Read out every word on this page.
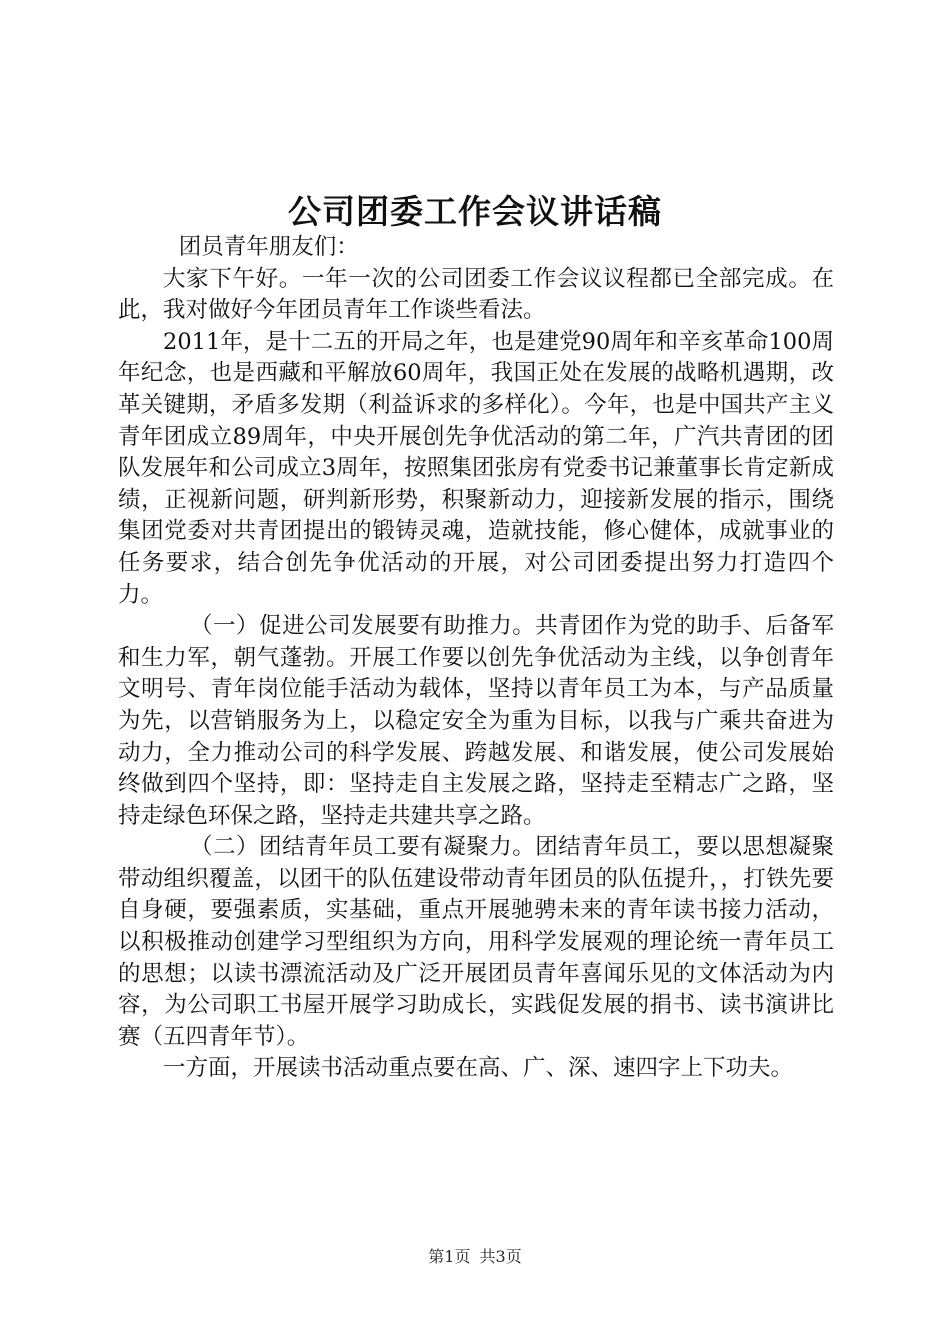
公司团委工作会议讲话稿

团员青年朋友们：

大家下午好。一年一次的公司团委工作会议议程都已全部完成。在此，我对做好今年团员青年工作谈些看法。

2011年，是十二五的开局之年，也是建党90周年和辛亥革命100周年纪念，也是西藏和平解放60周年，我国正处在发展的战略机遇期，改革关键期，矛盾多发期（利益诉求的多样化）。今年，也是中国共产主义青年团成立89周年，中央开展创先争优活动的第二年，广汽共青团的团队发展年和公司成立3周年，按照集团张房有党委书记兼董事长肯定新成绩，正视新问题，研判新形势，积聚新动力，迎接新发展的指示，围绕集团党委对共青团提出的锻铸灵魂，造就技能，修心健体，成就事业的任务要求，结合创先争优活动的开展，对公司团委提出努力打造四个力。

（一）促进公司发展要有助推力。共青团作为党的助手、后备军和生力军，朝气蓬勃。开展工作要以创先争优活动为主线，以争创青年文明号、青年岗位能手活动为载体，坚持以青年员工为本，与产品质量为先，以营销服务为上，以稳定安全为重为目标，以我与广乘共奋进为动力，全力推动公司的科学发展、跨越发展、和谐发展，使公司发展始终做到四个坚持，即：坚持走自主发展之路，坚持走至精志广之路，坚持走绿色环保之路，坚持走共建共享之路。

（二）团结青年员工要有凝聚力。团结青年员工，要以思想凝聚带动组织覆盖，以团干的队伍建设带动青年团员的队伍提升，，打铁先要自身硬，要强素质，实基础，重点开展驰骋未来的青年读书接力活动，以积极推动创建学习型组织为方向，用科学发展观的理论统一青年员工的思想；以读书漂流活动及广泛开展团员青年喜闻乐见的文体活动为内容，为公司职工书屋开展学习助成长，实践促发展的捐书、读书演讲比赛（五四青年节）。

一方面，开展读书活动重点要在高、广、深、速四字上下功夫。

第1页 共3页
